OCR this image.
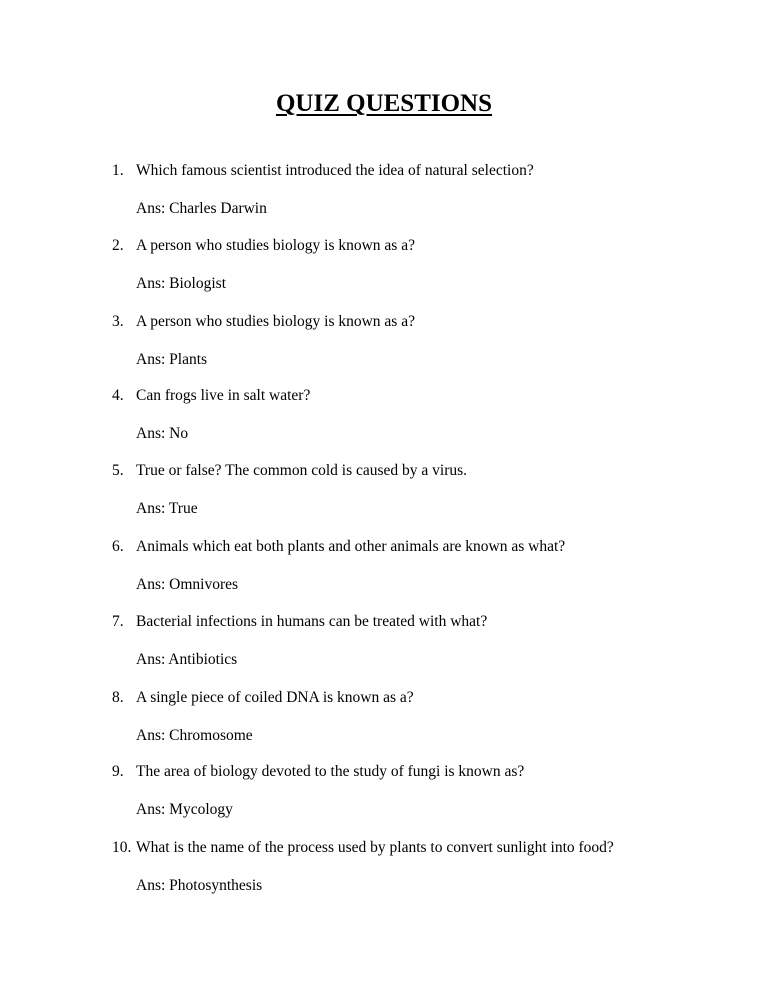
QUIZ QUESTIONS
1. Which famous scientist introduced the idea of natural selection?
Ans: Charles Darwin
2. A person who studies biology is known as a?
Ans: Biologist
3. A person who studies biology is known as a?
Ans: Plants
4. Can frogs live in salt water?
Ans: No
5. True or false? The common cold is caused by a virus.
Ans: True
6. Animals which eat both plants and other animals are known as what?
Ans: Omnivores
7. Bacterial infections in humans can be treated with what?
Ans: Antibiotics
8. A single piece of coiled DNA is known as a?
Ans: Chromosome
9. The area of biology devoted to the study of fungi is known as?
Ans: Mycology
10. What is the name of the process used by plants to convert sunlight into food?
Ans: Photosynthesis
